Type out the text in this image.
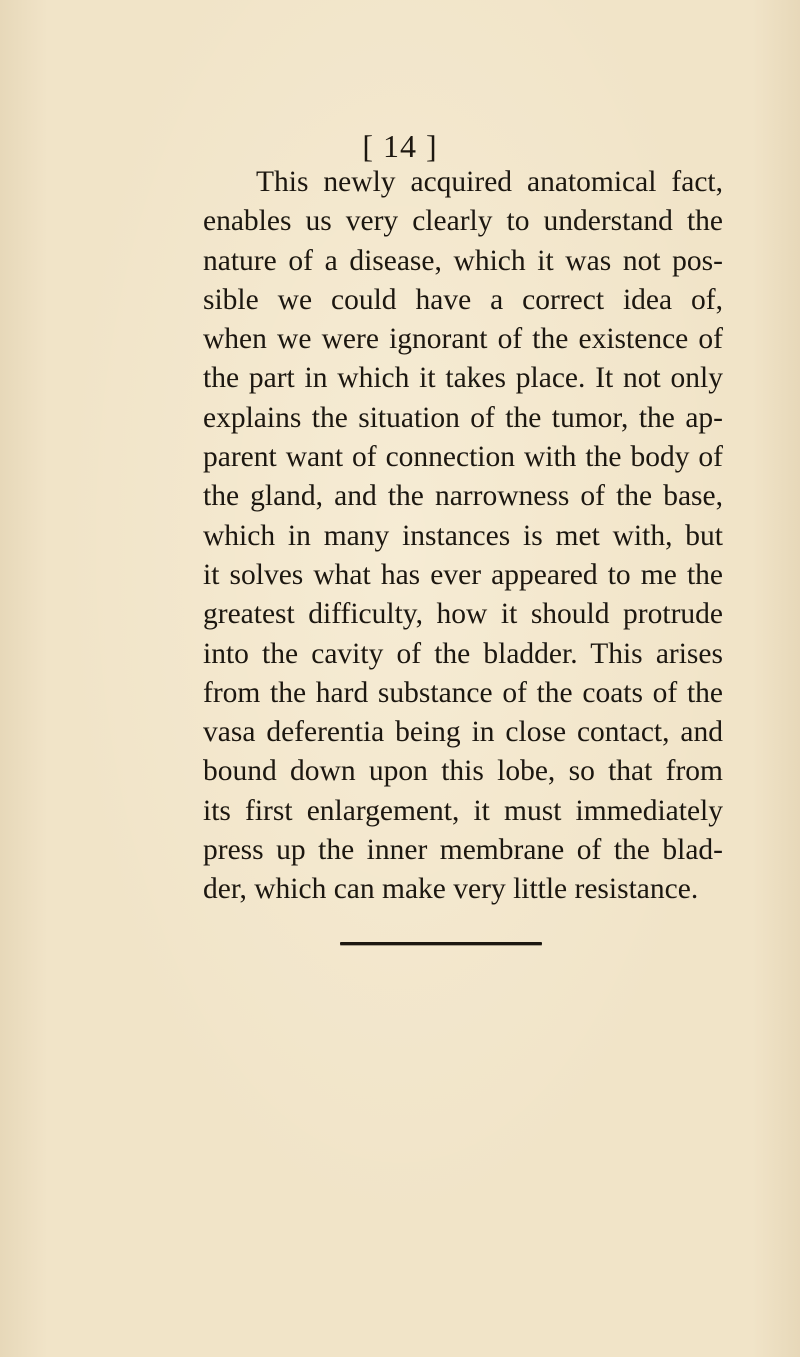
[ 14 ]
This newly acquired anatomical fact,
enables us very clearly to understand the
nature of a disease, which it was not pos-
sible we could have a correct idea of,
when we were ignorant of the existence of
the part in which it takes place. It not only
explains the situation of the tumor, the ap-
parent want of connection with the body of
the gland, and the narrowness of the base,
which in many instances is met with, but
it solves what has ever appeared to me the
greatest difficulty, how it should protrude
into the cavity of the bladder. This arises
from the hard substance of the coats of the
vasa deferentia being in close contact, and
bound down upon this lobe, so that from
its first enlargement, it must immediately
press up the inner membrane of the blad-
der, which can make very little resistance.
